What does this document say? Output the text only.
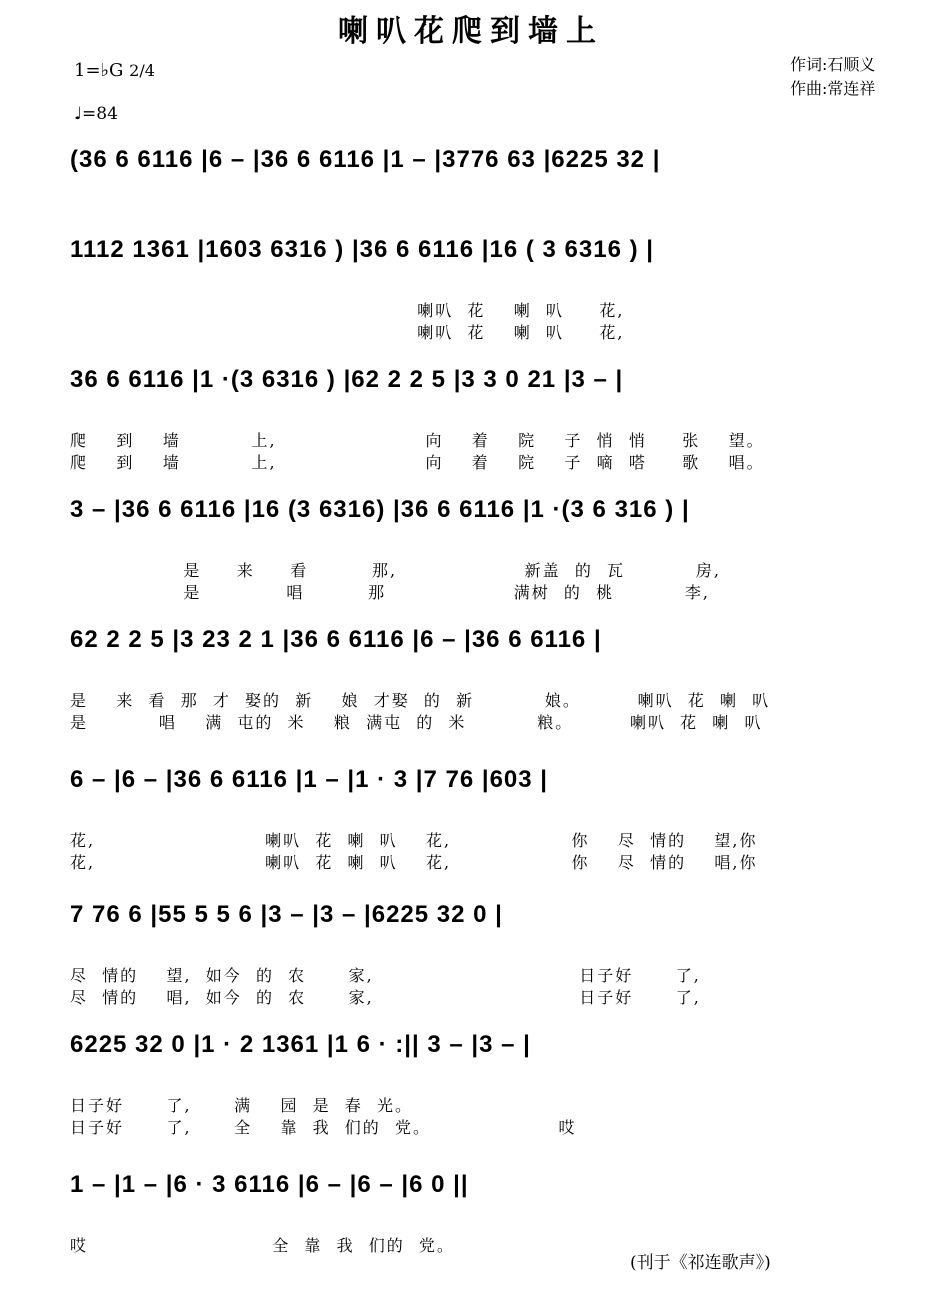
喇叭花爬到墙上
作词:石顺义
作曲:常连祥
1=♭G 2/4
♩=84
(36 6 6116 |6 – |36 6 6116 |1 – |3776 63 |6225 32 |
1112 1361 |1603 6316 ) |36 6 6116 |16 ( 3 6316 ) |
喇叭  花    喇  叭     花,
喇叭  花    喇  叭     花,
36 6 6116 |1 ·(3 6316 ) |62 2 2 5 |3 3 0 21 |3 – |
爬    到    墙          上,                     向    着    院    子  悄  悄     张    望。
爬    到    墙          上,                     向    着    院    子  嘀  嗒     歌    唱。
3 – |36 6 6116 |16 (3 6316) |36 6 6116 |1 ·(3 6 316 ) |
是     来     看         那,                  新盖  的  瓦          房,
是            唱         那                  满树  的  桃          李,
62 2 2 5 |3 23 2 1 |36 6 6116 |6 – |36 6 6116 |
是    来  看  那  才  娶的  新    娘  才娶  的  新          娘。        喇叭  花  喇  叭
是          唱    满  屯的  米    粮  满屯  的  米          粮。        喇叭  花  喇  叭
6 – |6 – |36 6 6116 |1 – |1 · 3 |7 76 |603 |
花,                        喇叭  花  喇  叭    花,                 你    尽  情的    望,你
花,                        喇叭  花  喇  叭    花,                 你    尽  情的    唱,你
7 76 6 |55 5 5 6 |3 – |3 – |6225 32 0 |
尽  情的    望,  如今  的  农      家,                             日子好      了,
尽  情的    唱,  如今  的  农      家,                             日子好      了,
6225 32 0 |1 · 2 1361 |1 6 · :|| 3 – |3 – |
日子好      了,      满    园  是  春  光。
日子好      了,      全    靠  我  们的  党。                  哎
1 – |1 – |6 · 3 6116 |6 – |6 – |6 0 ||
哎                          全  靠  我  们的  党。
(刊于《祁连歌声》)
